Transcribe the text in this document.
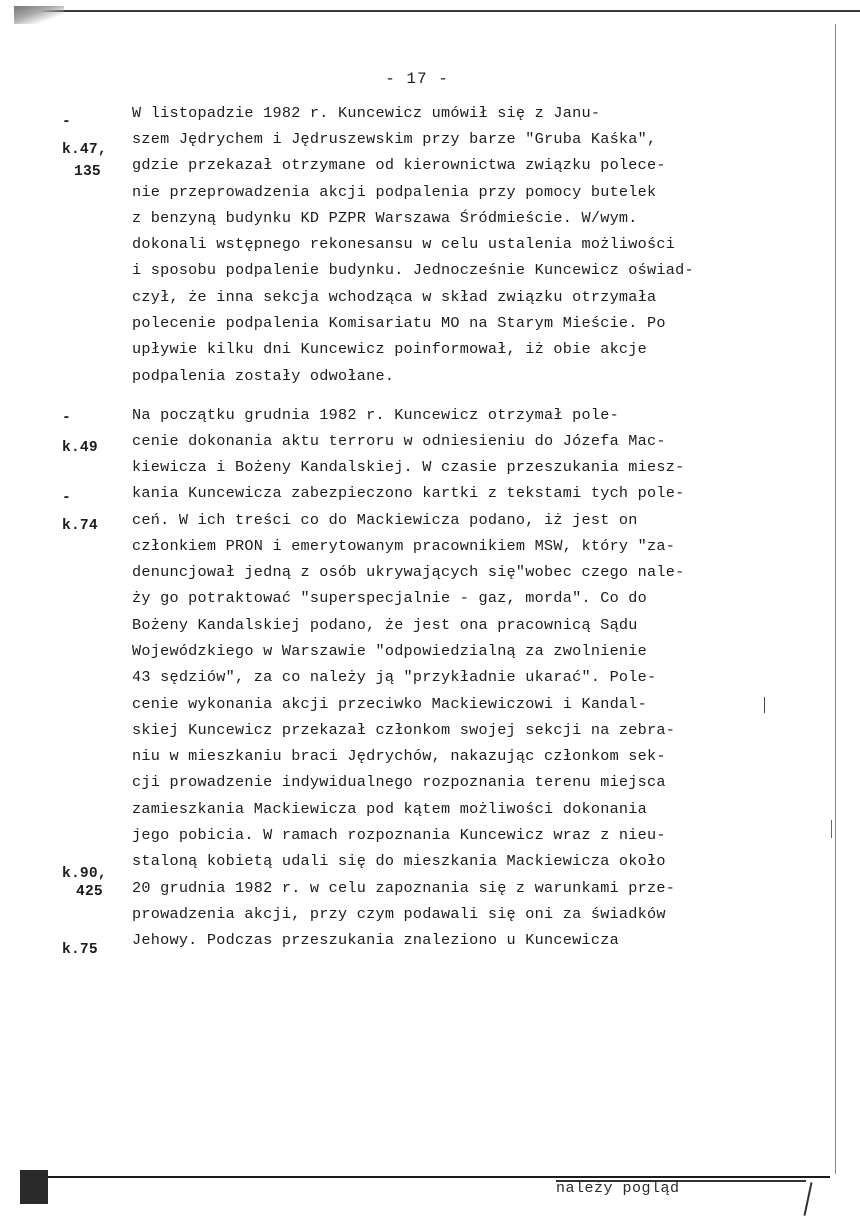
- 17 -
W listopadzie 1982 r. Kuncewicz umówił się z Janu-
szem Jędrychem i Jędruszewskim przy barze "Gruba Kaśka",
gdzie przekazał otrzymane od kierownictwa związku polece-
nie przeprowadzenia akcji podpalenia przy pomocy butelek
z benzyną budynku KD PZPR Warszawa Śródmieście. W/wym.
dokonali wstępnego rekonesansu w celu ustalenia możliwości
i sposobu podpalenie budynku. Jednocześnie Kuncewicz oświad-
czył, że inna sekcja wchodząca w skład związku otrzymała
polecenie podpalenia Komisariatu MO na Starym Mieście. Po
upływie kilku dni Kuncewicz poinformował, iż obie akcje
podpalenia zostały odwołane.
Na początku grudnia 1982 r. Kuncewicz otrzymał pole-
cenie dokonania aktu terroru w odniesieniu do Józefa Mac-
kiewicza i Bożeny Kandalskiej. W czasie przeszukania miesz-
kania Kuncewicza zabezpieczono kartki z tekstami tych pole-
ceń. W ich treści co do Mackiewicza podano, iż jest on
członkiem PRON i emerytowanym pracownikiem MSW, który "za-
denuncjował jedną z osób ukrywających się"wobec czego nale-
ży go potraktować "superspecjalnie - gaz, morda". Co do
Bożeny Kandalskiej podano, że jest ona pracownicą Sądu
Wojewódzkiego w Warszawie "odpowiedzialną za zwolnienie
43 sędziów", za co należy ją "przykładnie ukarać". Pole-
cenie wykonania akcji przeciwko Mackiewiczowi i Kandal-
skiej Kuncewicz przekazał członkom swojej sekcji na zebra-
niu w mieszkaniu braci Jędrychów, nakazując członkom sek-
cji prowadzenie indywidualnego rozpoznania terenu miejsca
zamieszkania Mackiewicza pod kątem możliwości dokonania
jego pobicia. W ramach rozpoznania Kuncewicz wraz z nieu-
staloną kobietą udali się do mieszkania Mackiewicza około
20 grudnia 1982 r. w celu zapoznania się z warunkami prze-
prowadzenia akcji, przy czym podawali się oni za świadków
Jehowy. Podczas przeszukania znaleziono u Kuncewicza
-
k.47,
135
-
k.49
-
k.74
k.90,
425
k.75
należy pogląd
